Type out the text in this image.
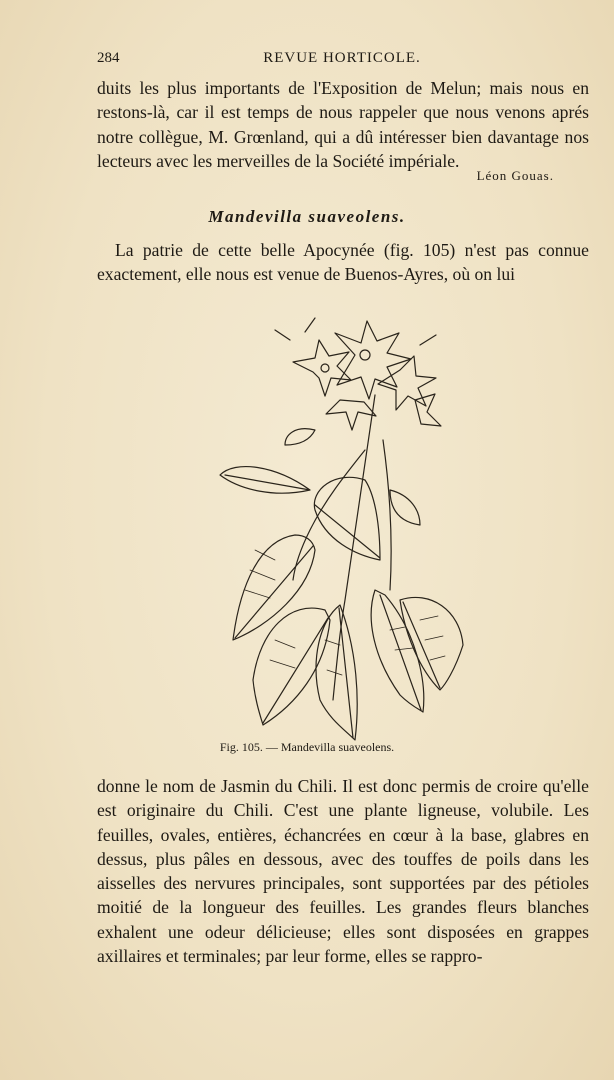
284	REVUE HORTICOLE.

duits les plus importants de l'Exposition de Melun; mais nous en restons-là, car il est temps de nous rappeler que nous venons aprés notre collègue, M. Grœnland, qui a dû intéresser bien davantage nos lecteurs avec les merveilles de la Société impériale.

Léon Gouas.
Mandevilla suaveolens.

La patrie de cette belle Apocynée (fig. 105) n'est pas connue exactement, elle nous est venue de Buenos-Ayres, où on lui

Fig. 105. — Mandevilla suaveolens.

donne le nom de Jasmin du Chili. Il est donc permis de croire qu'elle est originaire du Chili. C'est une plante ligneuse, volubile. Les feuilles, ovales, entières, échancrées en cœur à la base, glabres en dessus, plus pâles en dessous, avec des touffes de poils dans les aisselles des nervures principales, sont supportées par des pétioles moitié de la longueur des feuilles. Les grandes fleurs blanches exhalent une odeur délicieuse; elles sont disposées en grappes axillaires et terminales; par leur forme, elles se rappro-
